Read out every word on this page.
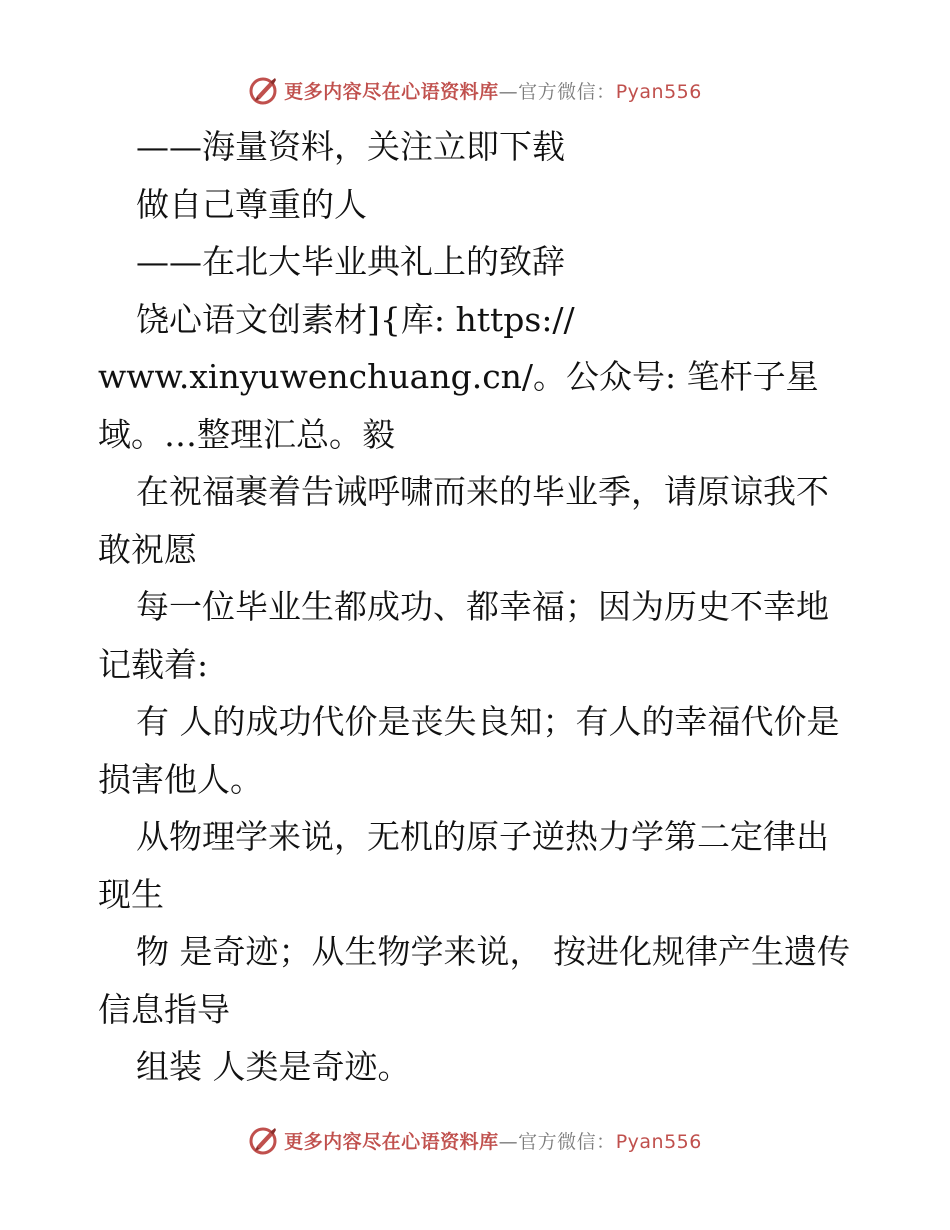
更多内容尽在心语资料库—官方微信：Pyan556

——海量资料，关注立即下载

做自己尊重的人

——在北大毕业典礼上的致辞

饶心语文创素材]{库: https://

www.xinyuwenchuang.cn/。公众号: 笔杆子星

域。…整理汇总。毅

在祝福裹着告诫呼啸而来的毕业季，请原谅我不敢祝愿

每一位毕业生都成功、都幸福；因为历史不幸地记载着:

有 人的成功代价是丧失良知；有人的幸福代价是损害他人。

从物理学来说，无机的原子逆热力学第二定律出现生

物 是奇迹；从生物学来说， 按进化规律产生遗传信息指导

组装 人类是奇迹。

更多内容尽在心语资料库—官方微信：Pyan556
